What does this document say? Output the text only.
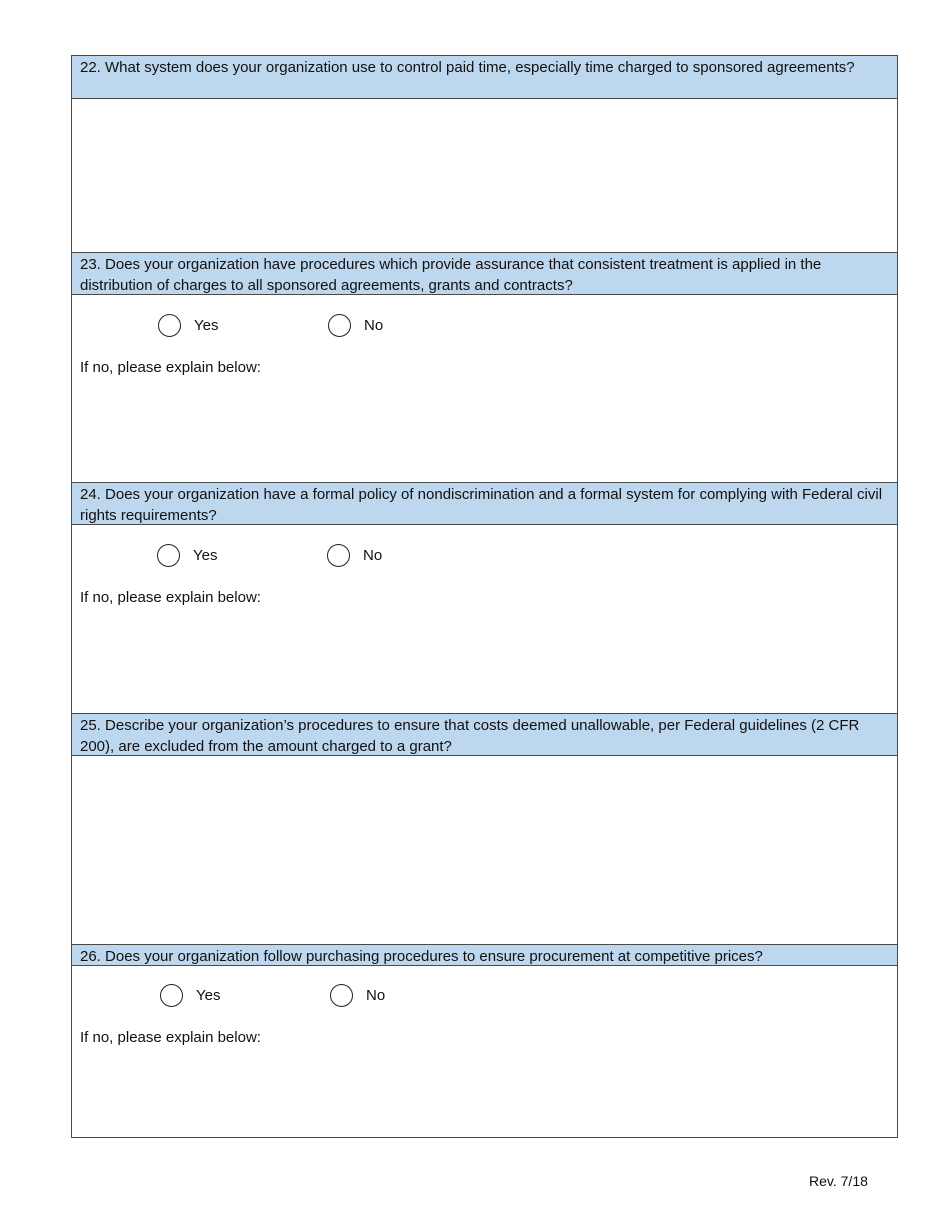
22. What system does your organization use to control paid time, especially time charged to sponsored agreements?
23. Does your organization have procedures which provide assurance that consistent treatment is applied in the distribution of charges to all sponsored agreements, grants and contracts?
Yes	No
If no, please explain below:
24. Does your organization have a formal policy of nondiscrimination and a formal system for complying with Federal civil rights requirements?
Yes	No
If no, please explain below:
25. Describe your organization’s procedures to ensure that costs deemed unallowable, per Federal guidelines (2 CFR 200), are excluded from the amount charged to a grant?
26. Does your organization follow purchasing procedures to ensure procurement at competitive prices?
Yes	No
If no, please explain below:
Rev. 7/18
